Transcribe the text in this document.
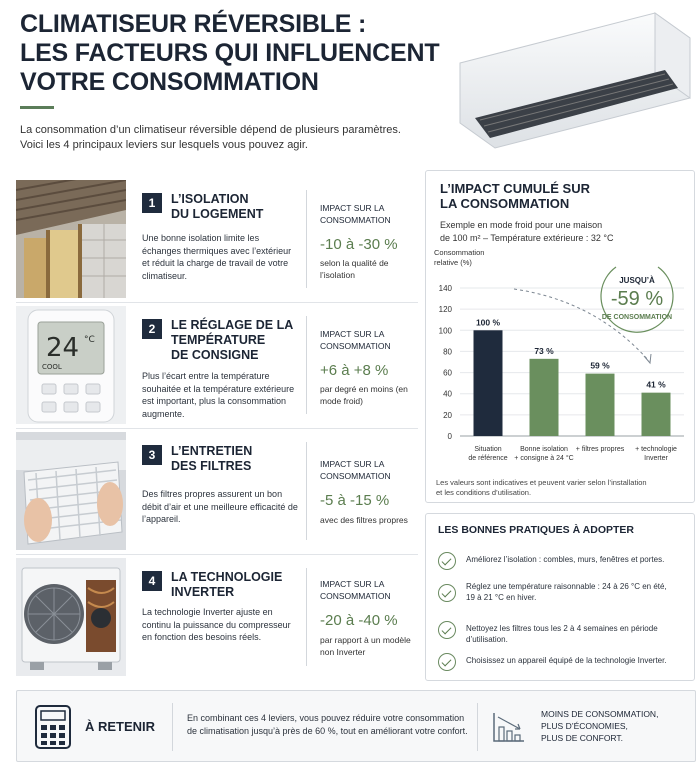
CLIMATISEUR RÉVERSIBLE :
LES FACTEURS QUI INFLUENCENT
VOTRE CONSOMMATION
La consommation d’un climatiseur réversible dépend de plusieurs paramètres.
Voici les 4 principaux leviers sur lesquels vous pouvez agir.
1	L’ISOLATION
DU LOGEMENT
Une bonne isolation limite les échanges thermiques avec l’extérieur et réduit la charge de travail de votre climatiseur.
IMPACT SUR LA
CONSOMMATION
-10 à -30 %
selon la qualité de l’isolation
24 °C
COOL
2	LE RÉGLAGE DE LA
TEMPÉRATURE
DE CONSIGNE
Plus l’écart entre la température souhaitée et la température extérieure est important, plus la consommation augmente.
IMPACT SUR LA
CONSOMMATION
+6 à +8 %
par degré en moins (en mode froid)
3	L’ENTRETIEN
DES FILTRES
Des filtres propres assurent un bon débit d’air et une meilleure efficacité de l’appareil.
IMPACT SUR LA
CONSOMMATION
-5 à -15 %
avec des filtres propres
4	LA TECHNOLOGIE
INVERTER
La technologie Inverter ajuste en continu la puissance du compresseur en fonction des besoins réels.
IMPACT SUR LA
CONSOMMATION
-20 à -40 %
par rapport à un modèle non Inverter
L’IMPACT CUMULÉ SUR
LA CONSOMMATION
Exemple en mode froid pour une maison
de 100 m² – Température extérieure : 32 °C
Consommation
relative (%)
0
20
40
60
80
100
120
140
100 %
Situation
de référence
73 %
Bonne isolation
+ consigne à 24 °C
59 %
+ filtres propres
41 %
+ technologie
Inverter
JUSQU’À
-59 %
DE CONSOMMATION
Les valeurs sont indicatives et peuvent varier selon l’installation
et les conditions d’utilisation.
LES BONNES PRATIQUES À ADOPTER
Améliorez l’isolation : combles, murs, fenêtres et portes.
Réglez une température raisonnable : 24 à 26 °C en été,
19 à 21 °C en hiver.
Nettoyez les filtres tous les 2 à 4 semaines en période d’utilisation.
Choisissez un appareil équipé de la technologie Inverter.
À RETENIR
En combinant ces 4 leviers, vous pouvez réduire votre consommation
de climatisation jusqu’à près de 60 %, tout en améliorant votre confort.
MOINS DE CONSOMMATION,
PLUS D’ÉCONOMIES,
PLUS DE CONFORT.
